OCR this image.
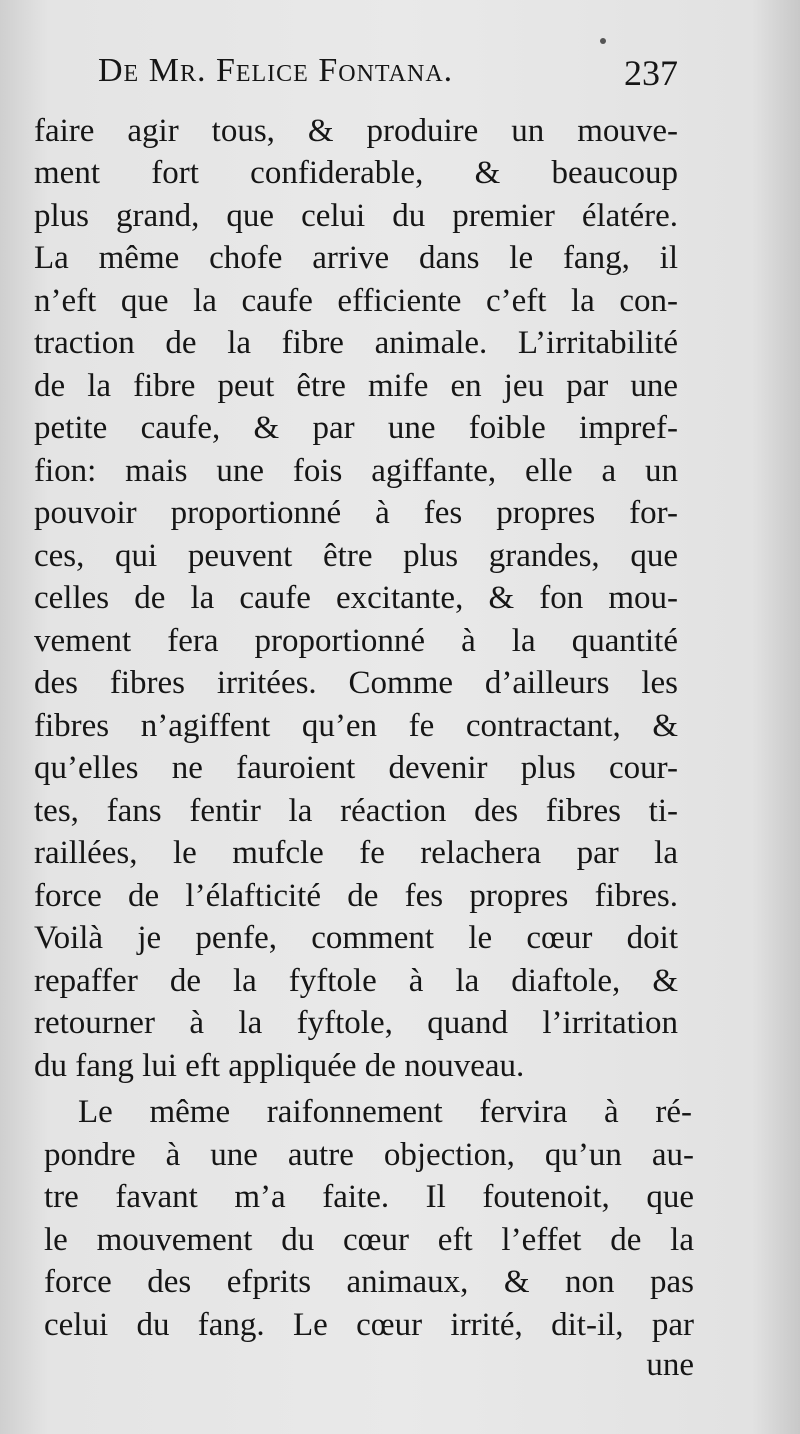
De Mr. Felice Fontana.	237
faire agir tous, & produire un mouve-
ment fort confiderable, & beaucoup
plus grand, que celui du premier élatére.
La même chofe arrive dans le fang, il
n’eft que la caufe efficiente c’eft la con-
traction de la fibre animale. L’irritabilité
de la fibre peut être mife en jeu par une
petite caufe, & par une foible impref-
fion: mais une fois agiffante, elle a un
pouvoir proportionné à fes propres for-
ces, qui peuvent être plus grandes, que
celles de la caufe excitante, & fon mou-
vement fera proportionné à la quantité
des fibres irritées. Comme d’ailleurs les
fibres n’agiffent qu’en fe contractant, &
qu’elles ne fauroient devenir plus cour-
tes, fans fentir la réaction des fibres ti-
raillées, le mufcle fe relachera par la
force de l’élafticité de fes propres fibres.
Voilà je penfe, comment le cœur doit
repaffer de la fyftole à la diaftole, &
retourner à la fyftole, quand l’irritation
du fang lui eft appliquée de nouveau.
Le même raifonnement fervira à ré-
pondre à une autre objection, qu’un au-
tre favant m’a faite. Il foutenoit, que
le mouvement du cœur eft l’effet de la
force des efprits animaux, & non pas
celui du fang. Le cœur irrité, dit-il, par
une
